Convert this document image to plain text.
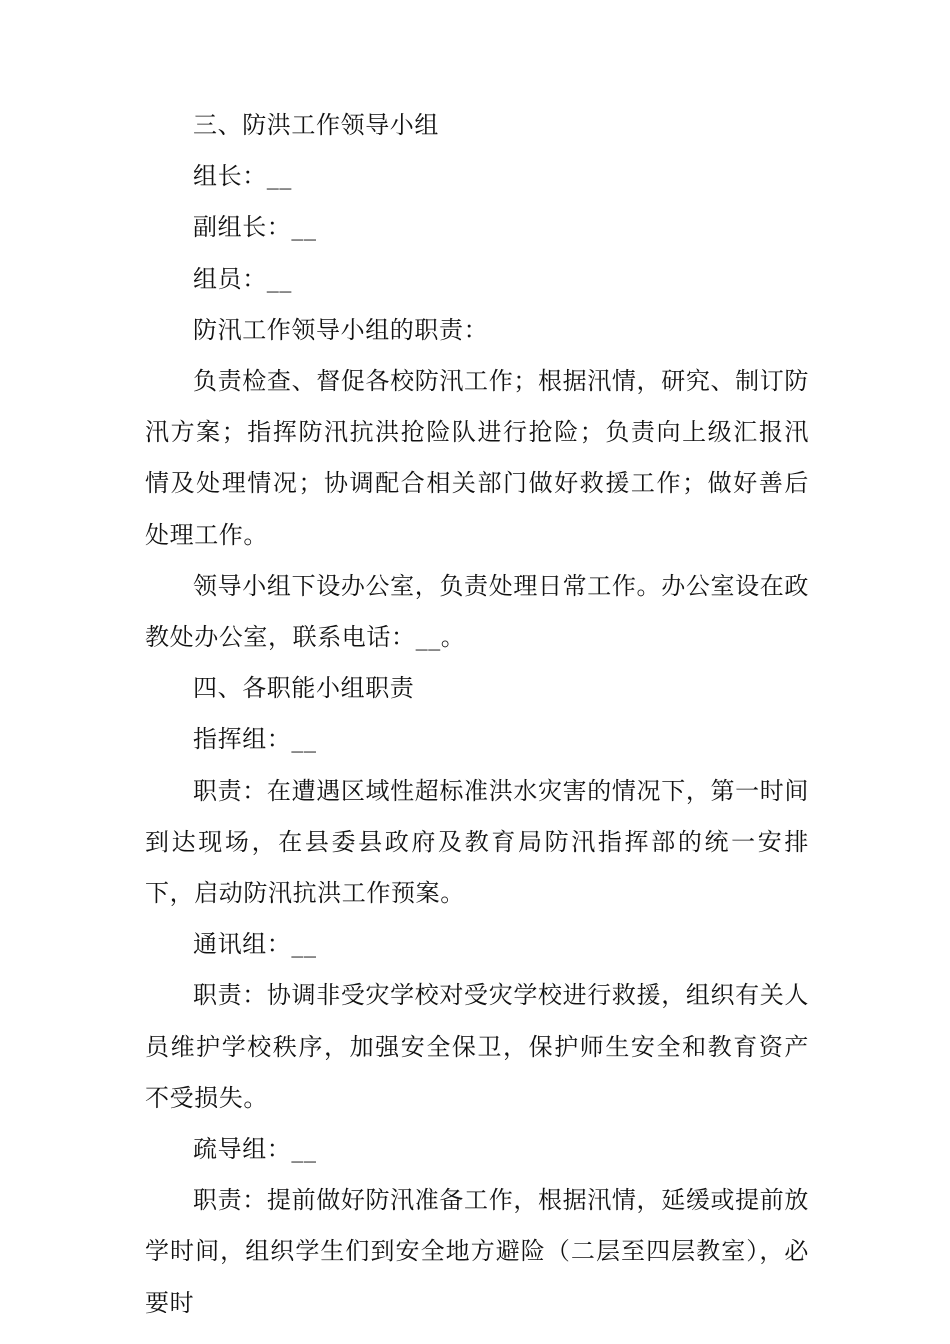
三、防洪工作领导小组

组长：__

副组长：__

组员：__

防汛工作领导小组的职责：

负责检查、督促各校防汛工作；根据汛情，研究、制订防汛方案；指挥防汛抗洪抢险队进行抢险；负责向上级汇报汛情及处理情况；协调配合相关部门做好救援工作；做好善后处理工作。

领导小组下设办公室，负责处理日常工作。办公室设在政教处办公室，联系电话：__。

四、各职能小组职责

指挥组：__

职责：在遭遇区域性超标准洪水灾害的情况下，第一时间到达现场，在县委县政府及教育局防汛指挥部的统一安排下，启动防汛抗洪工作预案。

通讯组：__

职责：协调非受灾学校对受灾学校进行救援，组织有关人员维护学校秩序，加强安全保卫，保护师生安全和教育资产不受损失。

疏导组：__

职责：提前做好防汛准备工作，根据汛情，延缓或提前放学时间，组织学生们到安全地方避险（二层至四层教室），必要时
